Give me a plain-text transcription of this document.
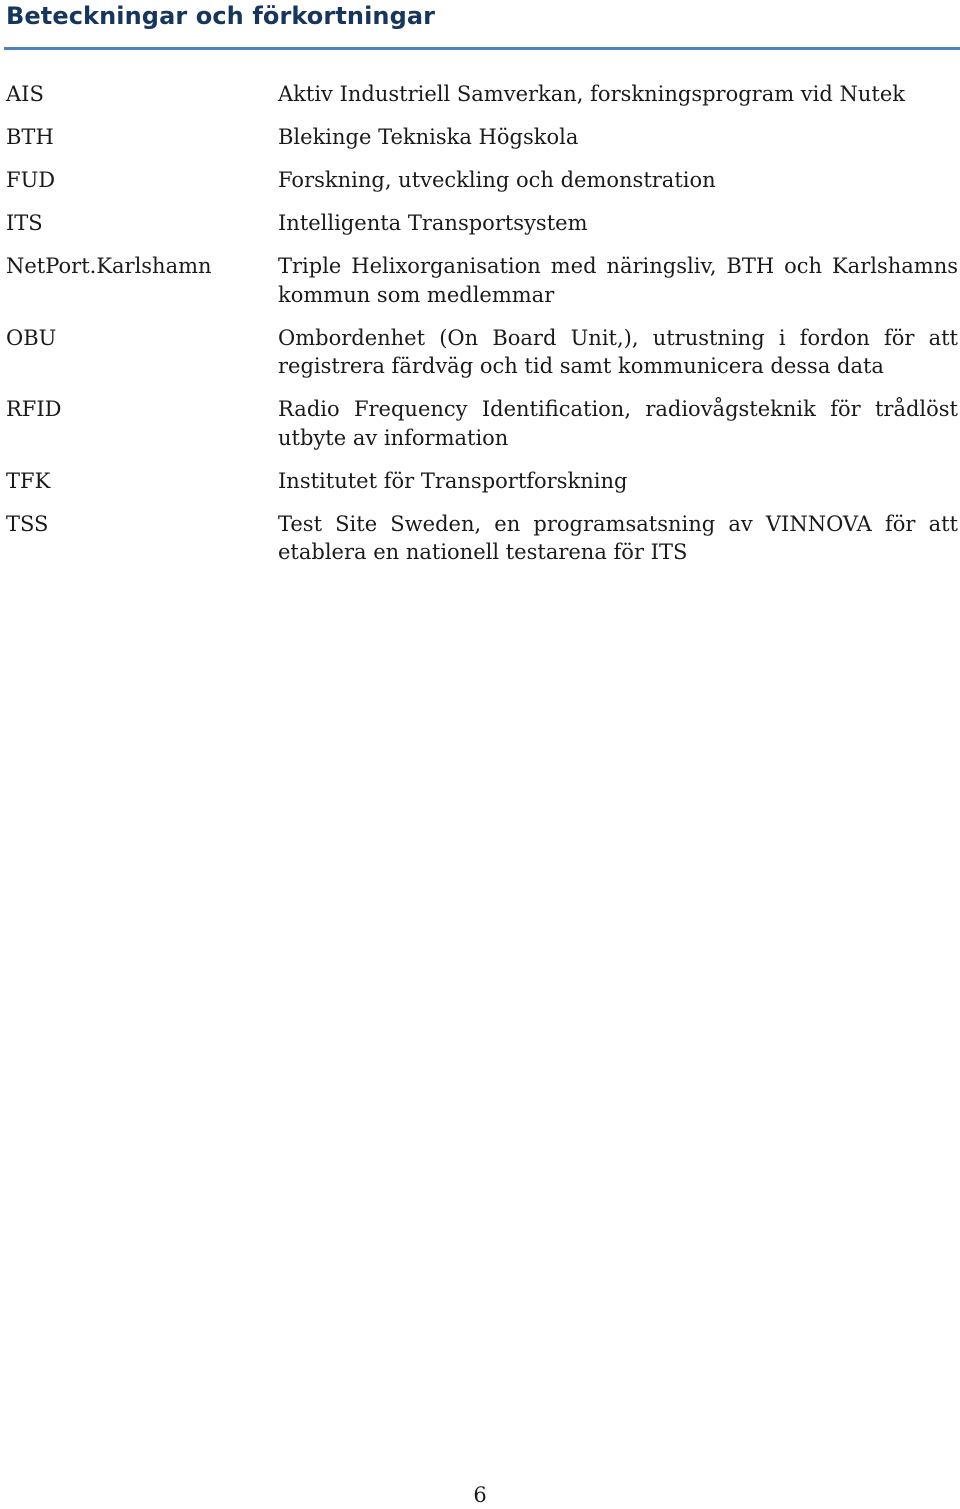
Beteckningar och förkortningar
AIS	Aktiv Industriell Samverkan, forskningsprogram vid Nutek
BTH	Blekinge Tekniska Högskola
FUD	Forskning, utveckling och demonstration
ITS	Intelligenta Transportsystem
NetPort.Karlshamn	Triple Helixorganisation med näringsliv, BTH och Karlshamns kommun som medlemmar
OBU	Ombordenhet (On Board Unit,), utrustning i fordon för att registrera färdväg och tid samt kommunicera dessa data
RFID	Radio Frequency Identification, radiovågsteknik för trådlöst utbyte av information
TFK	Institutet för Transportforskning
TSS	Test Site Sweden, en programsatsning av VINNOVA för att etablera en nationell testarena för ITS
6
